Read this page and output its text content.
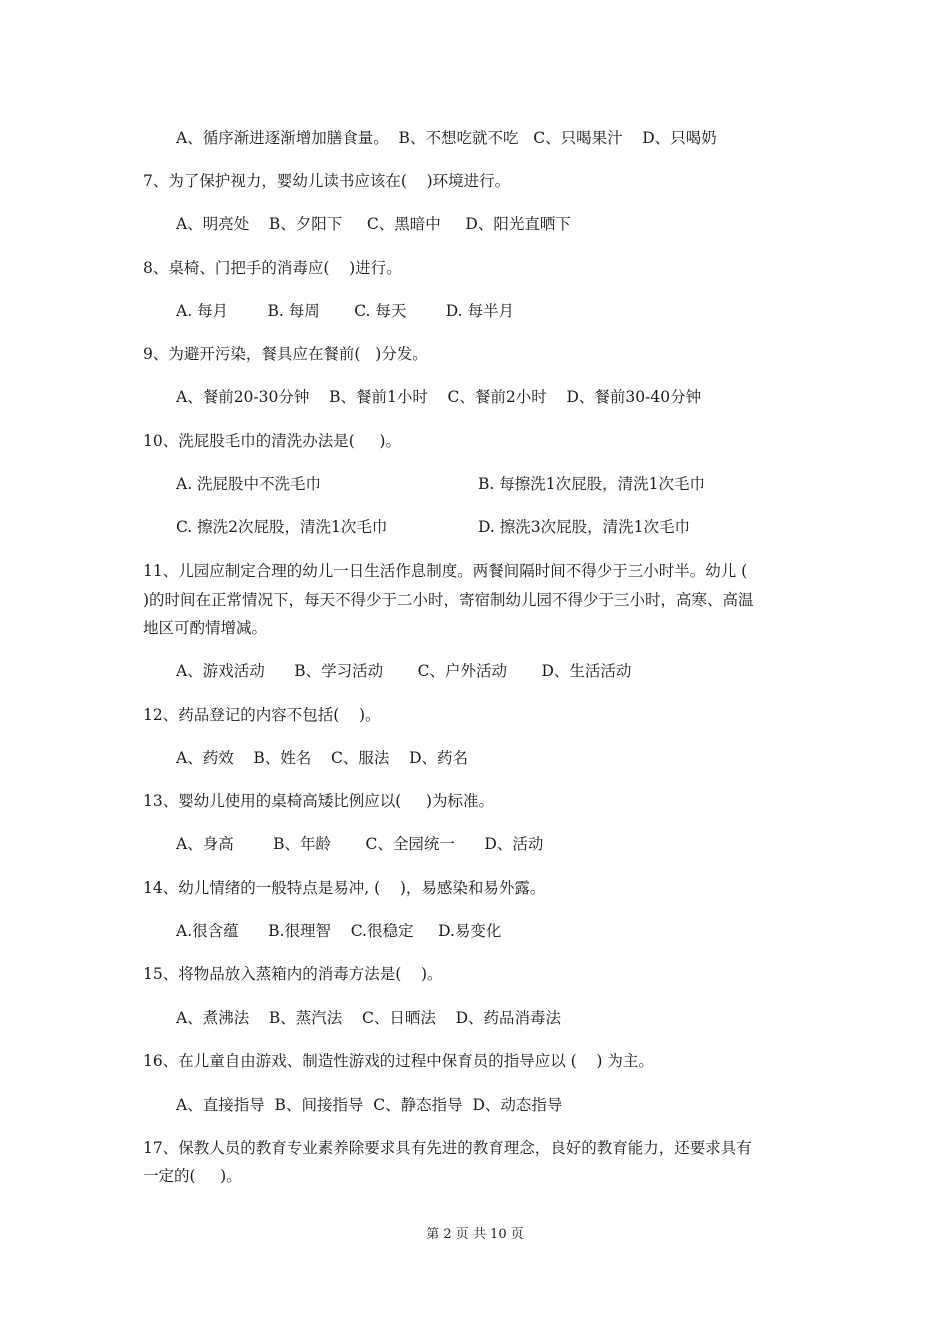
A、循序渐进逐渐增加膳食量。  B、不想吃就不吃   C、只喝果汁    D、只喝奶
7、为了保护视力，婴幼儿读书应该在(    )环境进行。
A、明亮处    B、夕阳下     C、黑暗中     D、阳光直晒下
8、桌椅、门把手的消毒应(    )进行。
A. 每月        B. 每周       C. 每天        D. 每半月
9、为避开污染，餐具应在餐前(   )分发。
A、餐前20-30分钟    B、餐前1小时    C、餐前2小时    D、餐前30-40分钟
10、洗屁股毛巾的清洗办法是(     )。
A. 洗屁股中不洗毛巾	B. 每擦洗1次屁股，清洗1次毛巾
C. 擦洗2次屁股，清洗1次毛巾	D. 擦洗3次屁股，清洗1次毛巾
11、儿园应制定合理的幼儿一日生活作息制度。两餐间隔时间不得少于三小时半。幼儿 (
)的时间在正常情况下，每天不得少于二小时，寄宿制幼儿园不得少于三小时，高寒、高温
地区可酌情增减。
A、游戏活动      B、学习活动       C、户外活动       D、生活活动
12、药品登记的内容不包括(    )。
A、药效    B、姓名    C、服法    D、药名
13、婴幼儿使用的桌椅高矮比例应以(     )为标准。
A、身高        B、年龄       C、全园统一      D、活动
14、幼儿情绪的一般特点是易冲, (    )，易感染和易外露。
A.很含蕴      B.很理智    C.很稳定     D.易变化
15、将物品放入蒸箱内的消毒方法是(    )。
A、煮沸法    B、蒸汽法    C、日晒法    D、药品消毒法
16、在儿童自由游戏、制造性游戏的过程中保育员的指导应以 (    ) 为主。
A、直接指导  B、间接指导  C、静态指导  D、动态指导
17、保教人员的教育专业素养除要求具有先进的教育理念，良好的教育能力，还要求具有
一定的(     )。
第 2 页 共 10 页
